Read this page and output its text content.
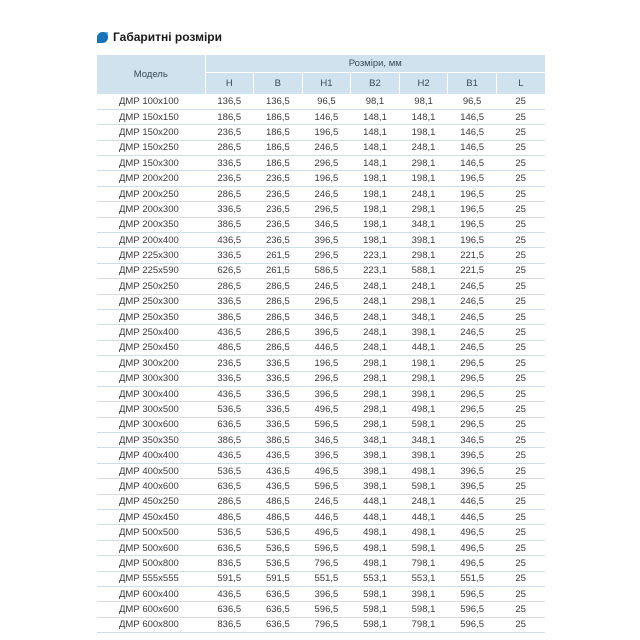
Габаритні розміри
Модель	Розміри, мм						
	H	B	H1	B2	H2	B1	L
ДМР 100x100	136,5	136,5	96,5	98,1	98,1	96,5	25
ДМР 150x150	186,5	186,5	146,5	148,1	148,1	146,5	25
ДМР 150x200	236,5	186,5	196,5	148,1	198,1	146,5	25
ДМР 150x250	286,5	186,5	246,5	148,1	248,1	146,5	25
ДМР 150x300	336,5	186,5	296,5	148,1	298,1	146,5	25
ДМР 200x200	236,5	236,5	196,5	198,1	198,1	196,5	25
ДМР 200x250	286,5	236,5	246,5	198,1	248,1	196,5	25
ДМР 200x300	336,5	236,5	296,5	198,1	298,1	196,5	25
ДМР 200x350	386,5	236,5	346,5	198,1	348,1	196,5	25
ДМР 200x400	436,5	236,5	396,5	198,1	398,1	196,5	25
ДМР 225x300	336,5	261,5	296,5	223,1	298,1	221,5	25
ДМР 225x590	626,5	261,5	586,5	223,1	588,1	221,5	25
ДМР 250x250	286,5	286,5	246,5	248,1	248,1	246,5	25
ДМР 250x300	336,5	286,5	296,5	248,1	298,1	246,5	25
ДМР 250x350	386,5	286,5	346,5	248,1	348,1	246,5	25
ДМР 250x400	436,5	286,5	396,5	248,1	398,1	246,5	25
ДМР 250x450	486,5	286,5	446,5	248,1	448,1	246,5	25
ДМР 300x200	236,5	336,5	196,5	298,1	198,1	296,5	25
ДМР 300x300	336,5	336,5	296,5	298,1	298,1	296,5	25
ДМР 300x400	436,5	336,5	396,5	298,1	398,1	296,5	25
ДМР 300x500	536,5	336,5	496,5	298,1	498,1	296,5	25
ДМР 300x600	636,5	336,5	596,5	298,1	598,1	296,5	25
ДМР 350x350	386,5	386,5	346,5	348,1	348,1	346,5	25
ДМР 400x400	436,5	436,5	396,5	398,1	398,1	396,5	25
ДМР 400x500	536,5	436,5	496,5	398,1	498,1	396,5	25
ДМР 400x600	636,5	436,5	596,5	398,1	598,1	396,5	25
ДМР 450x250	286,5	486,5	246,5	448,1	248,1	446,5	25
ДМР 450x450	486,5	486,5	446,5	448,1	448,1	446,5	25
ДМР 500x500	536,5	536,5	496,5	498,1	498,1	496,5	25
ДМР 500x600	636,5	536,5	596,5	498,1	598,1	496,5	25
ДМР 500x800	836,5	536,5	796,5	498,1	798,1	496,5	25
ДМР 555x555	591,5	591,5	551,5	553,1	553,1	551,5	25
ДМР 600x400	436,5	636,5	396,5	598,1	398,1	596,5	25
ДМР 600x600	636,5	636,5	596,5	598,1	598,1	596,5	25
ДМР 600x800	836,5	636,5	796,5	598,1	798,1	596,5	25
